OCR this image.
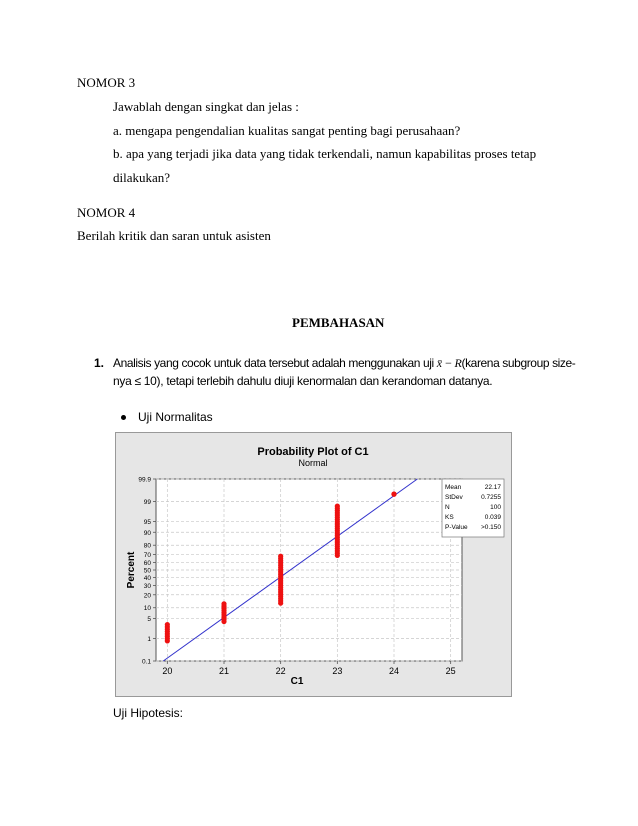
NOMOR 3
Jawablah dengan singkat dan jelas :
a. mengapa pengendalian kualitas sangat penting bagi perusahaan?
b. apa yang terjadi jika data yang tidak terkendali, namun kapabilitas proses tetap
dilakukan?
NOMOR 4
Berilah kritik dan saran untuk asisten
PEMBAHASAN
1. Analisis yang cocok untuk data tersebut adalah menggunakan uji x̄ − R(karena subgroup size-
nya ≤ 10), tetapi terlebih dahulu diuji kenormalan dan kerandoman datanya.
Uji Normalitas
0.1
1
5
10
20
30
40
50
60
70
80
90
95
99
99.9
20	21	22	23	24	25
Probability Plot of C1
Normal
C1
Percent
Mean	22.17
StDev	0.7255
N	100
KS	0.039
P-Value >0.150
Uji Hipotesis:
